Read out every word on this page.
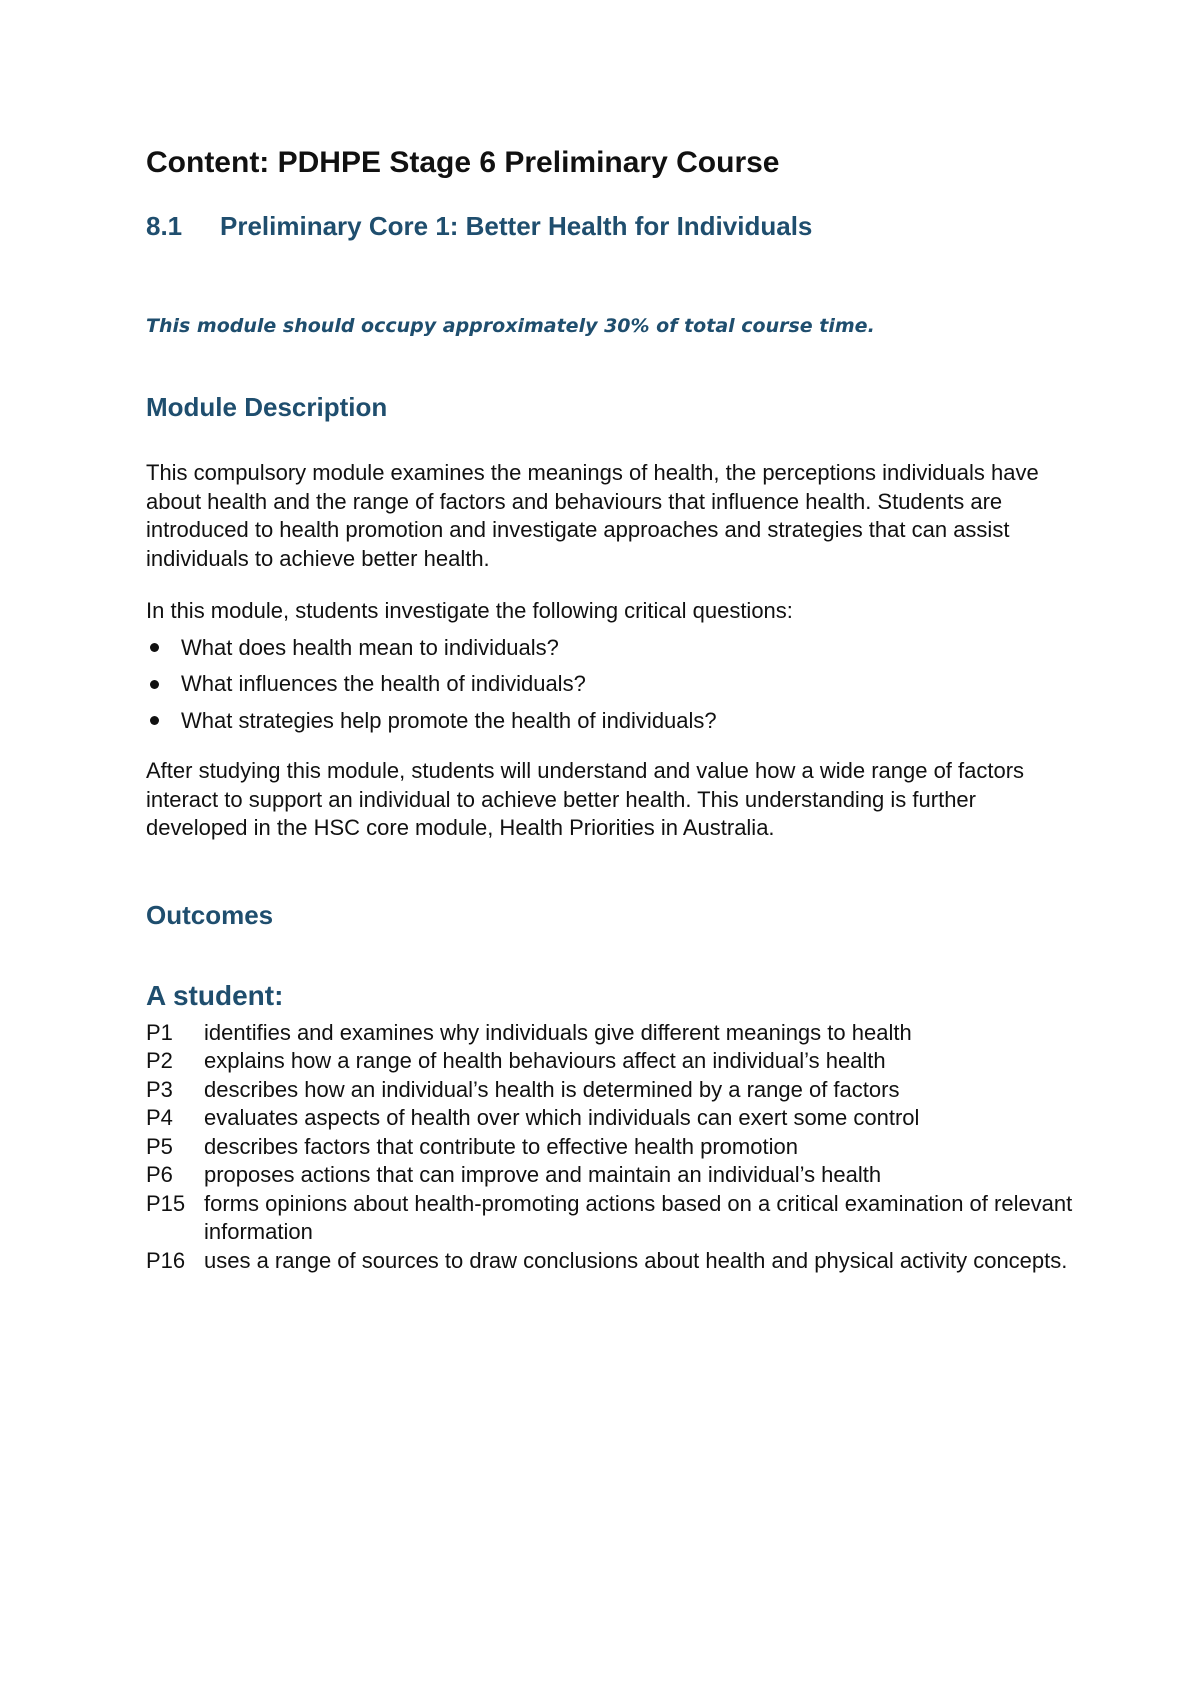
Content: PDHPE Stage 6 Preliminary Course
8.1	Preliminary Core 1: Better Health for Individuals

This module should occupy approximately 30% of total course time.

Module Description

This compulsory module examines the meanings of health, the perceptions individuals have about health and the range of factors and behaviours that influence health. Students are introduced to health promotion and investigate approaches and strategies that can assist individuals to achieve better health.

In this module, students investigate the following critical questions:

What does health mean to individuals?
What influences the health of individuals?
What strategies help promote the health of individuals?

After studying this module, students will understand and value how a wide range of factors interact to support an individual to achieve better health. This understanding is further developed in the HSC core module, Health Priorities in Australia.

Outcomes
A student:
P1	identifies and examines why individuals give different meanings to health
P2	explains how a range of health behaviours affect an individual’s health
P3	describes how an individual’s health is determined by a range of factors
P4	evaluates aspects of health over which individuals can exert some control
P5	describes factors that contribute to effective health promotion
P6	proposes actions that can improve and maintain an individual’s health
P15 forms opinions about health-promoting actions based on a critical examination of relevant information
P16 uses a range of sources to draw conclusions about health and physical activity concepts.
